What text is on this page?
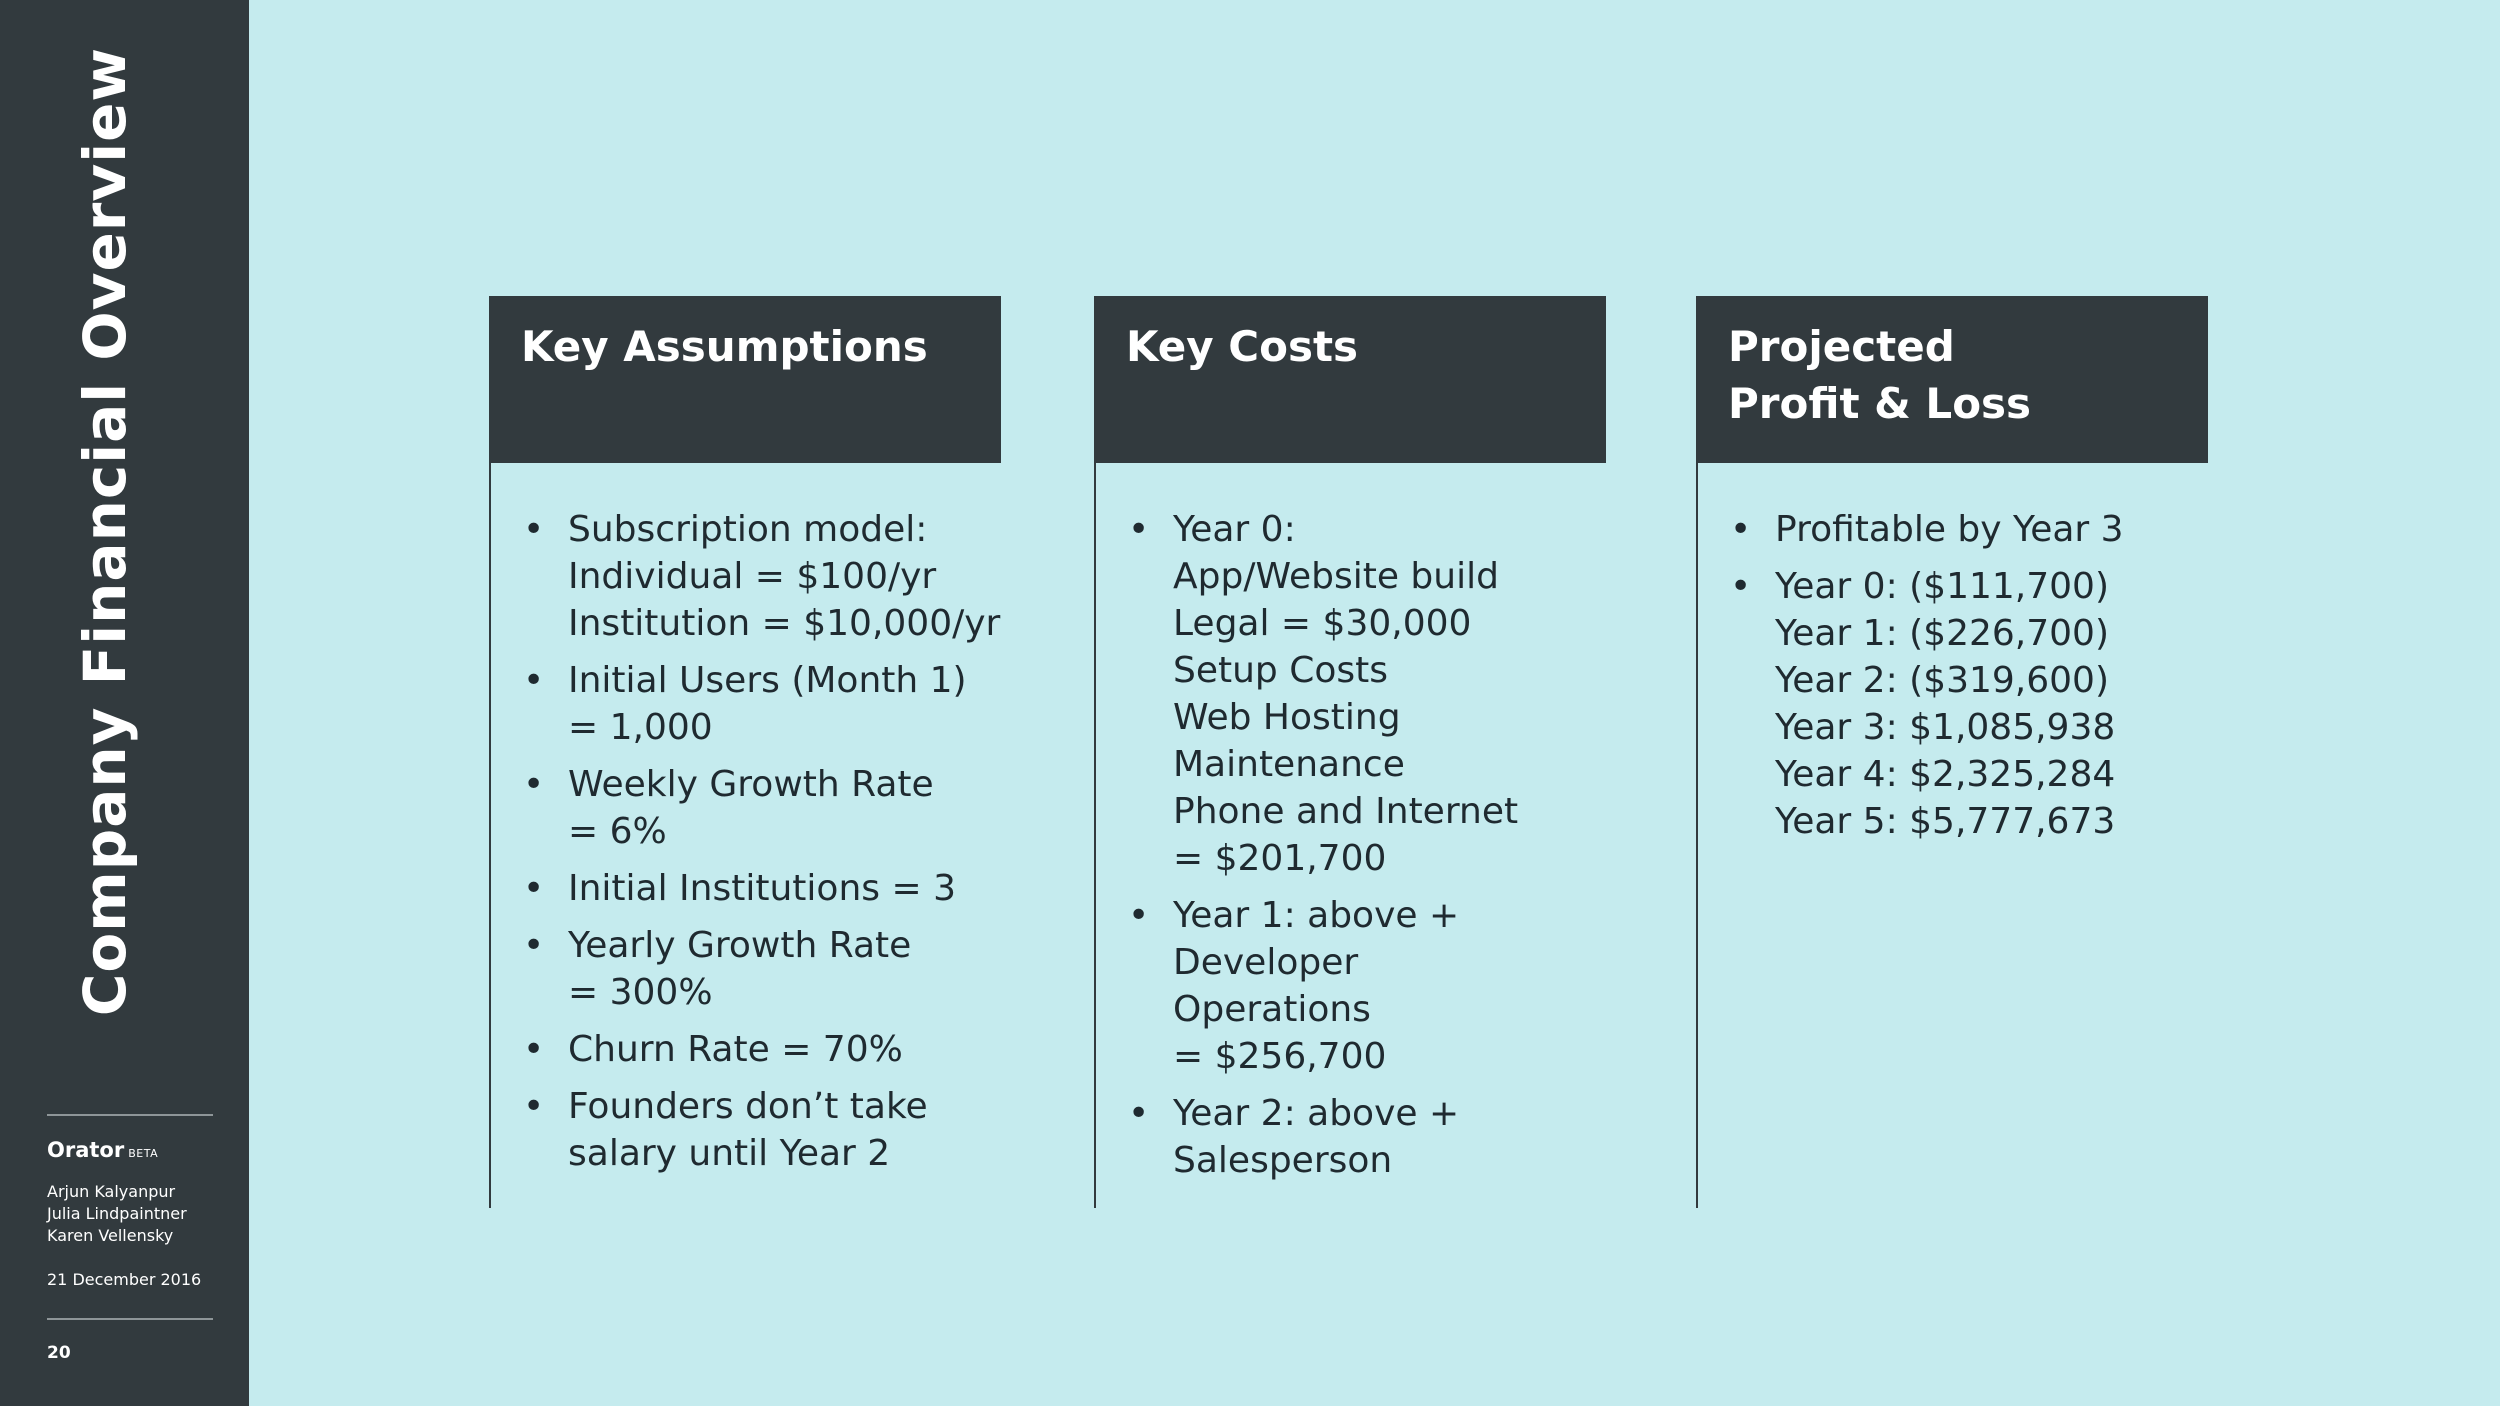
Company Financial Overview
Orator BETA
Arjun Kalyanpur
Julia Lindpaintner
Karen Vellensky
21 December 2016
20
Key Assumptions
• Subscription model:
Individual = $100/yr
Institution = $10,000/yr
• Initial Users (Month 1)
= 1,000
• Weekly Growth Rate
= 6%
• Initial Institutions = 3
• Yearly Growth Rate
= 300%
• Churn Rate = 70%
• Founders don’t take
salary until Year 2
Key Costs
• Year 0:
App/Website build
Legal = $30,000
Setup Costs
Web Hosting
Maintenance
Phone and Internet
= $201,700
• Year 1: above +
Developer
Operations
= $256,700
• Year 2: above +
Salesperson
Projected
Profit & Loss
• Profitable by Year 3
• Year 0: ($111,700)
Year 1: ($226,700)
Year 2: ($319,600)
Year 3: $1,085,938
Year 4: $2,325,284
Year 5: $5,777,673
